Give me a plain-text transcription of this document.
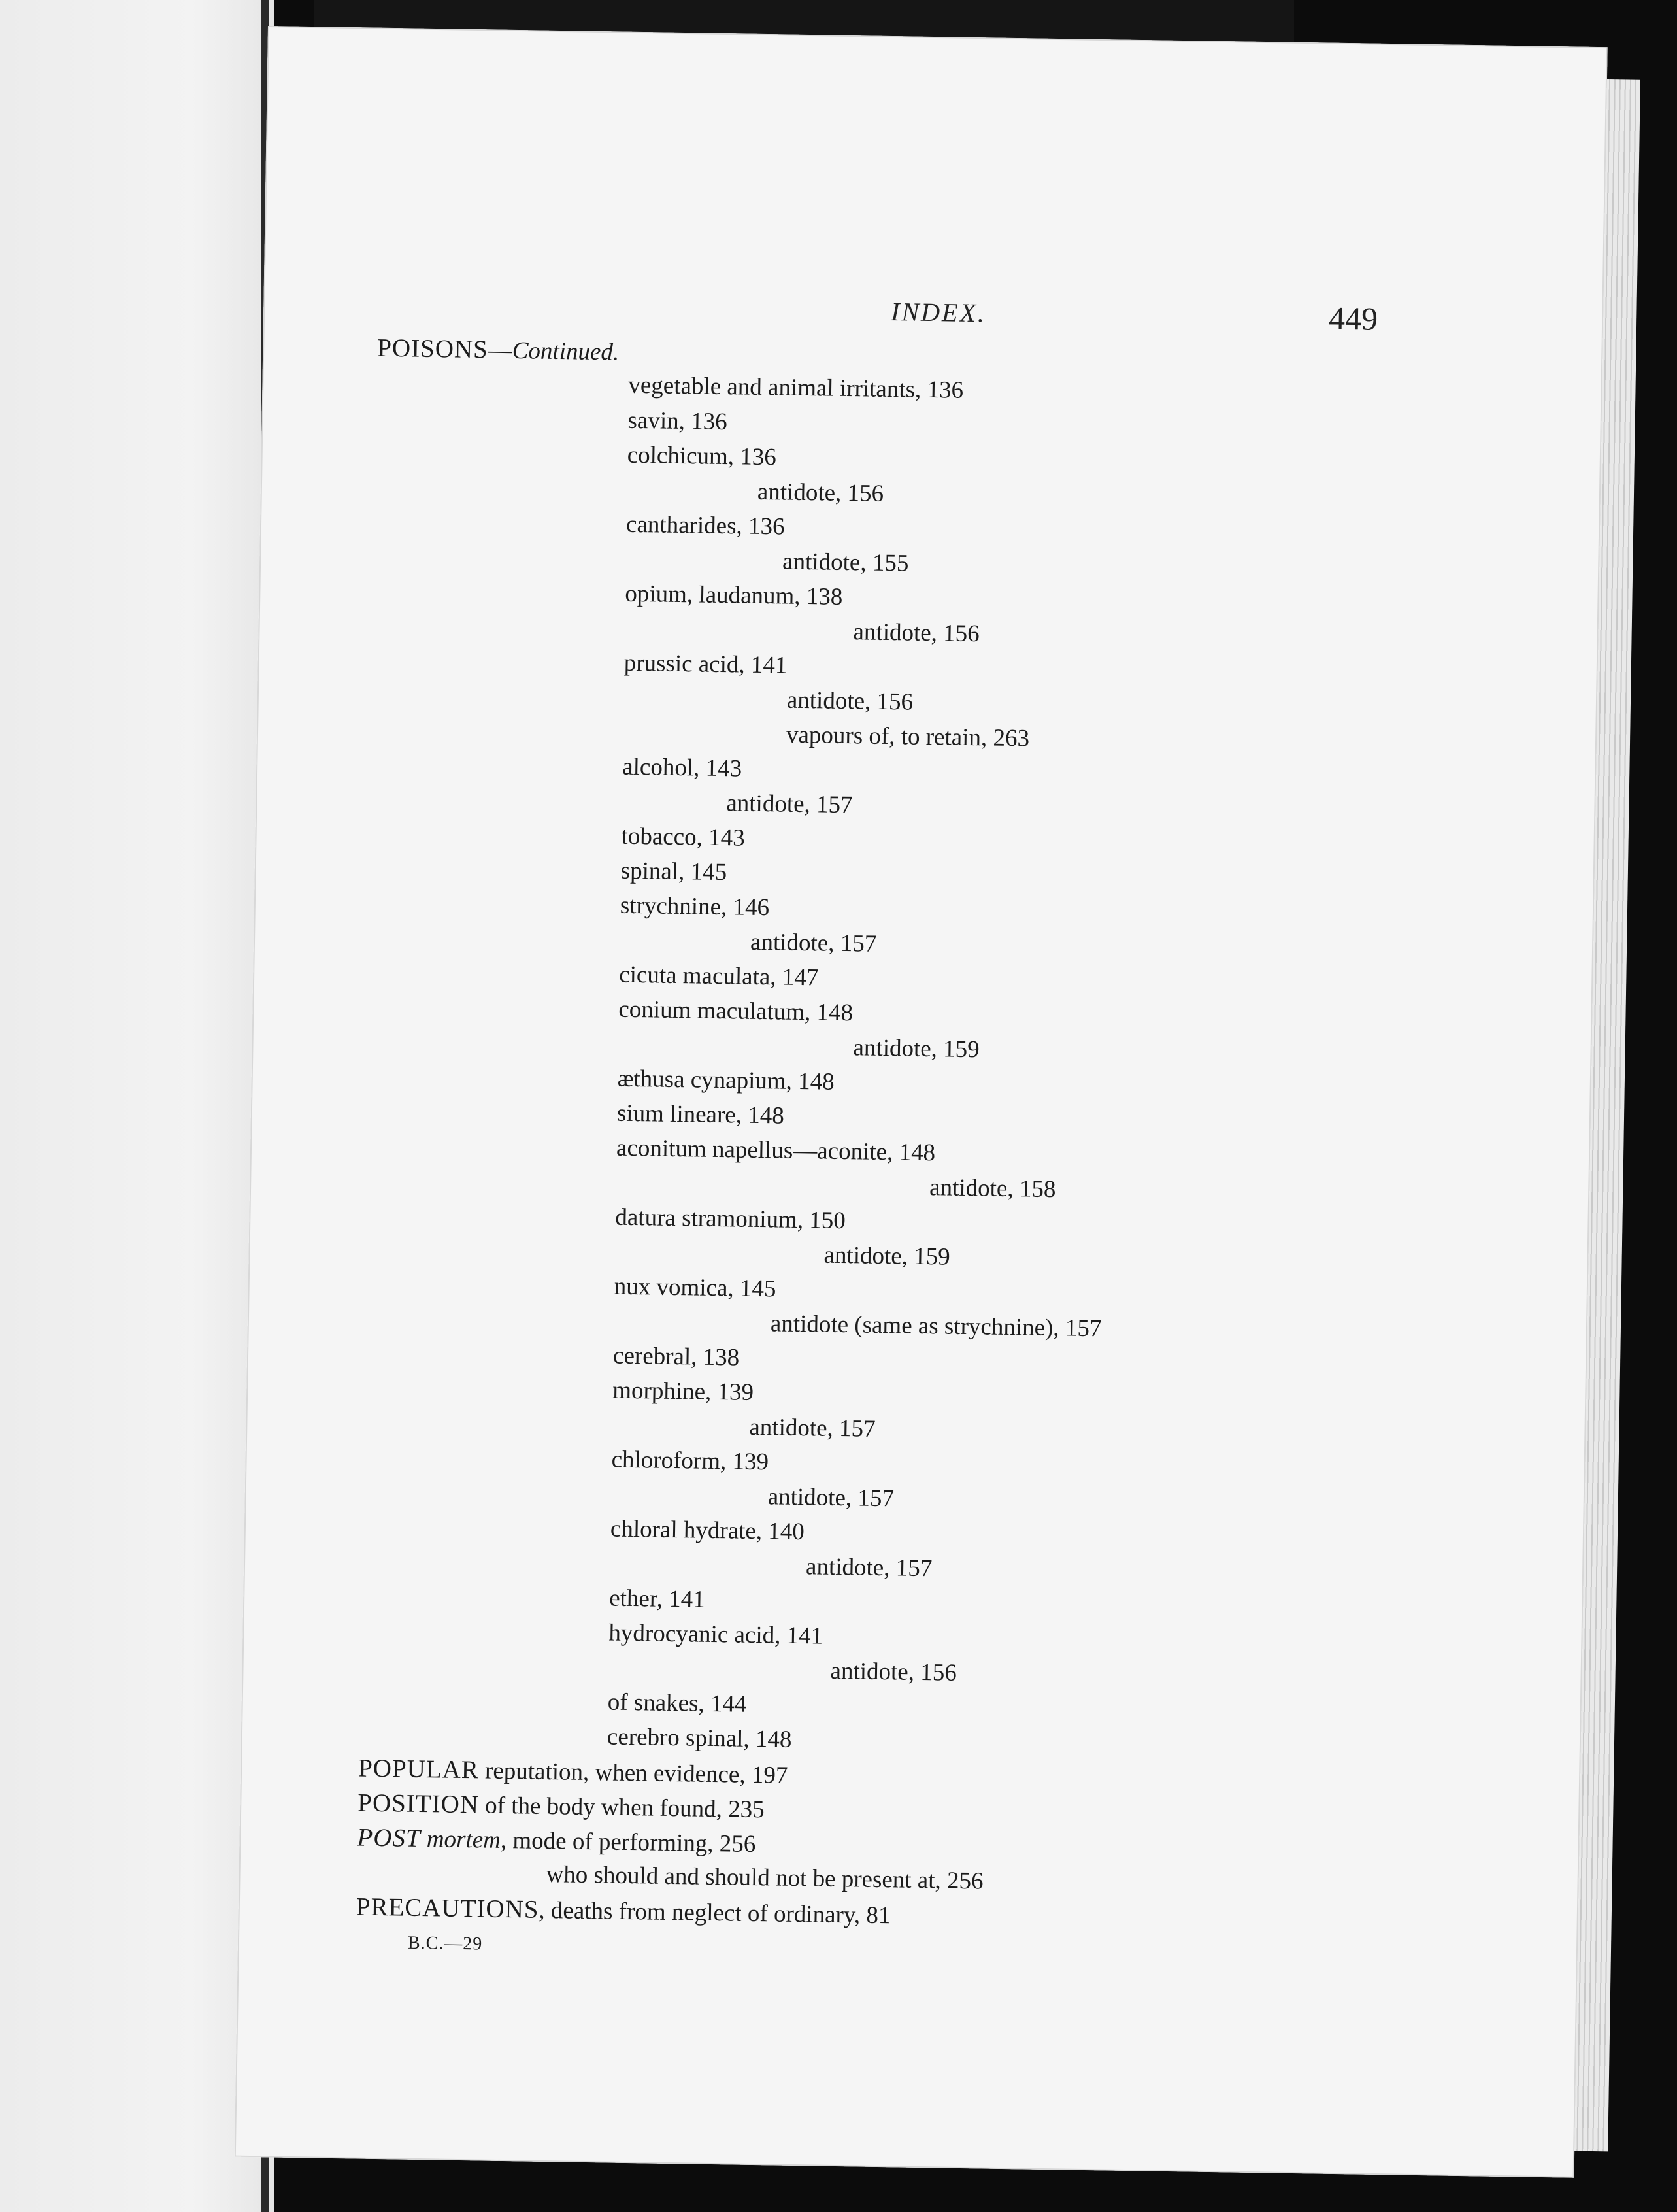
INDEX.	449
POISONS—Continued.
vegetable and animal irritants, 136
savin, 136
colchicum, 136
antidote, 156
cantharides, 136
antidote, 155
opium, laudanum, 138
antidote, 156
prussic acid, 141
antidote, 156
vapours of, to retain, 263
alcohol, 143
antidote, 157
tobacco, 143
spinal, 145
strychnine, 146
antidote, 157
cicuta maculata, 147
conium maculatum, 148
antidote, 159
æthusa cynapium, 148
sium lineare, 148
aconitum napellus—aconite, 148
antidote, 158
datura stramonium, 150
antidote, 159
nux vomica, 145
antidote (same as strychnine), 157
cerebral, 138
morphine, 139
antidote, 157
chloroform, 139
antidote, 157
chloral hydrate, 140
antidote, 157
ether, 141
hydrocyanic acid, 141
antidote, 156
of snakes, 144
cerebro spinal, 148
POPULAR reputation, when evidence, 197
POSITION of the body when found, 235
POST mortem, mode of performing, 256
who should and should not be present at, 256
PRECAUTIONS, deaths from neglect of ordinary, 81
B.C.—29
